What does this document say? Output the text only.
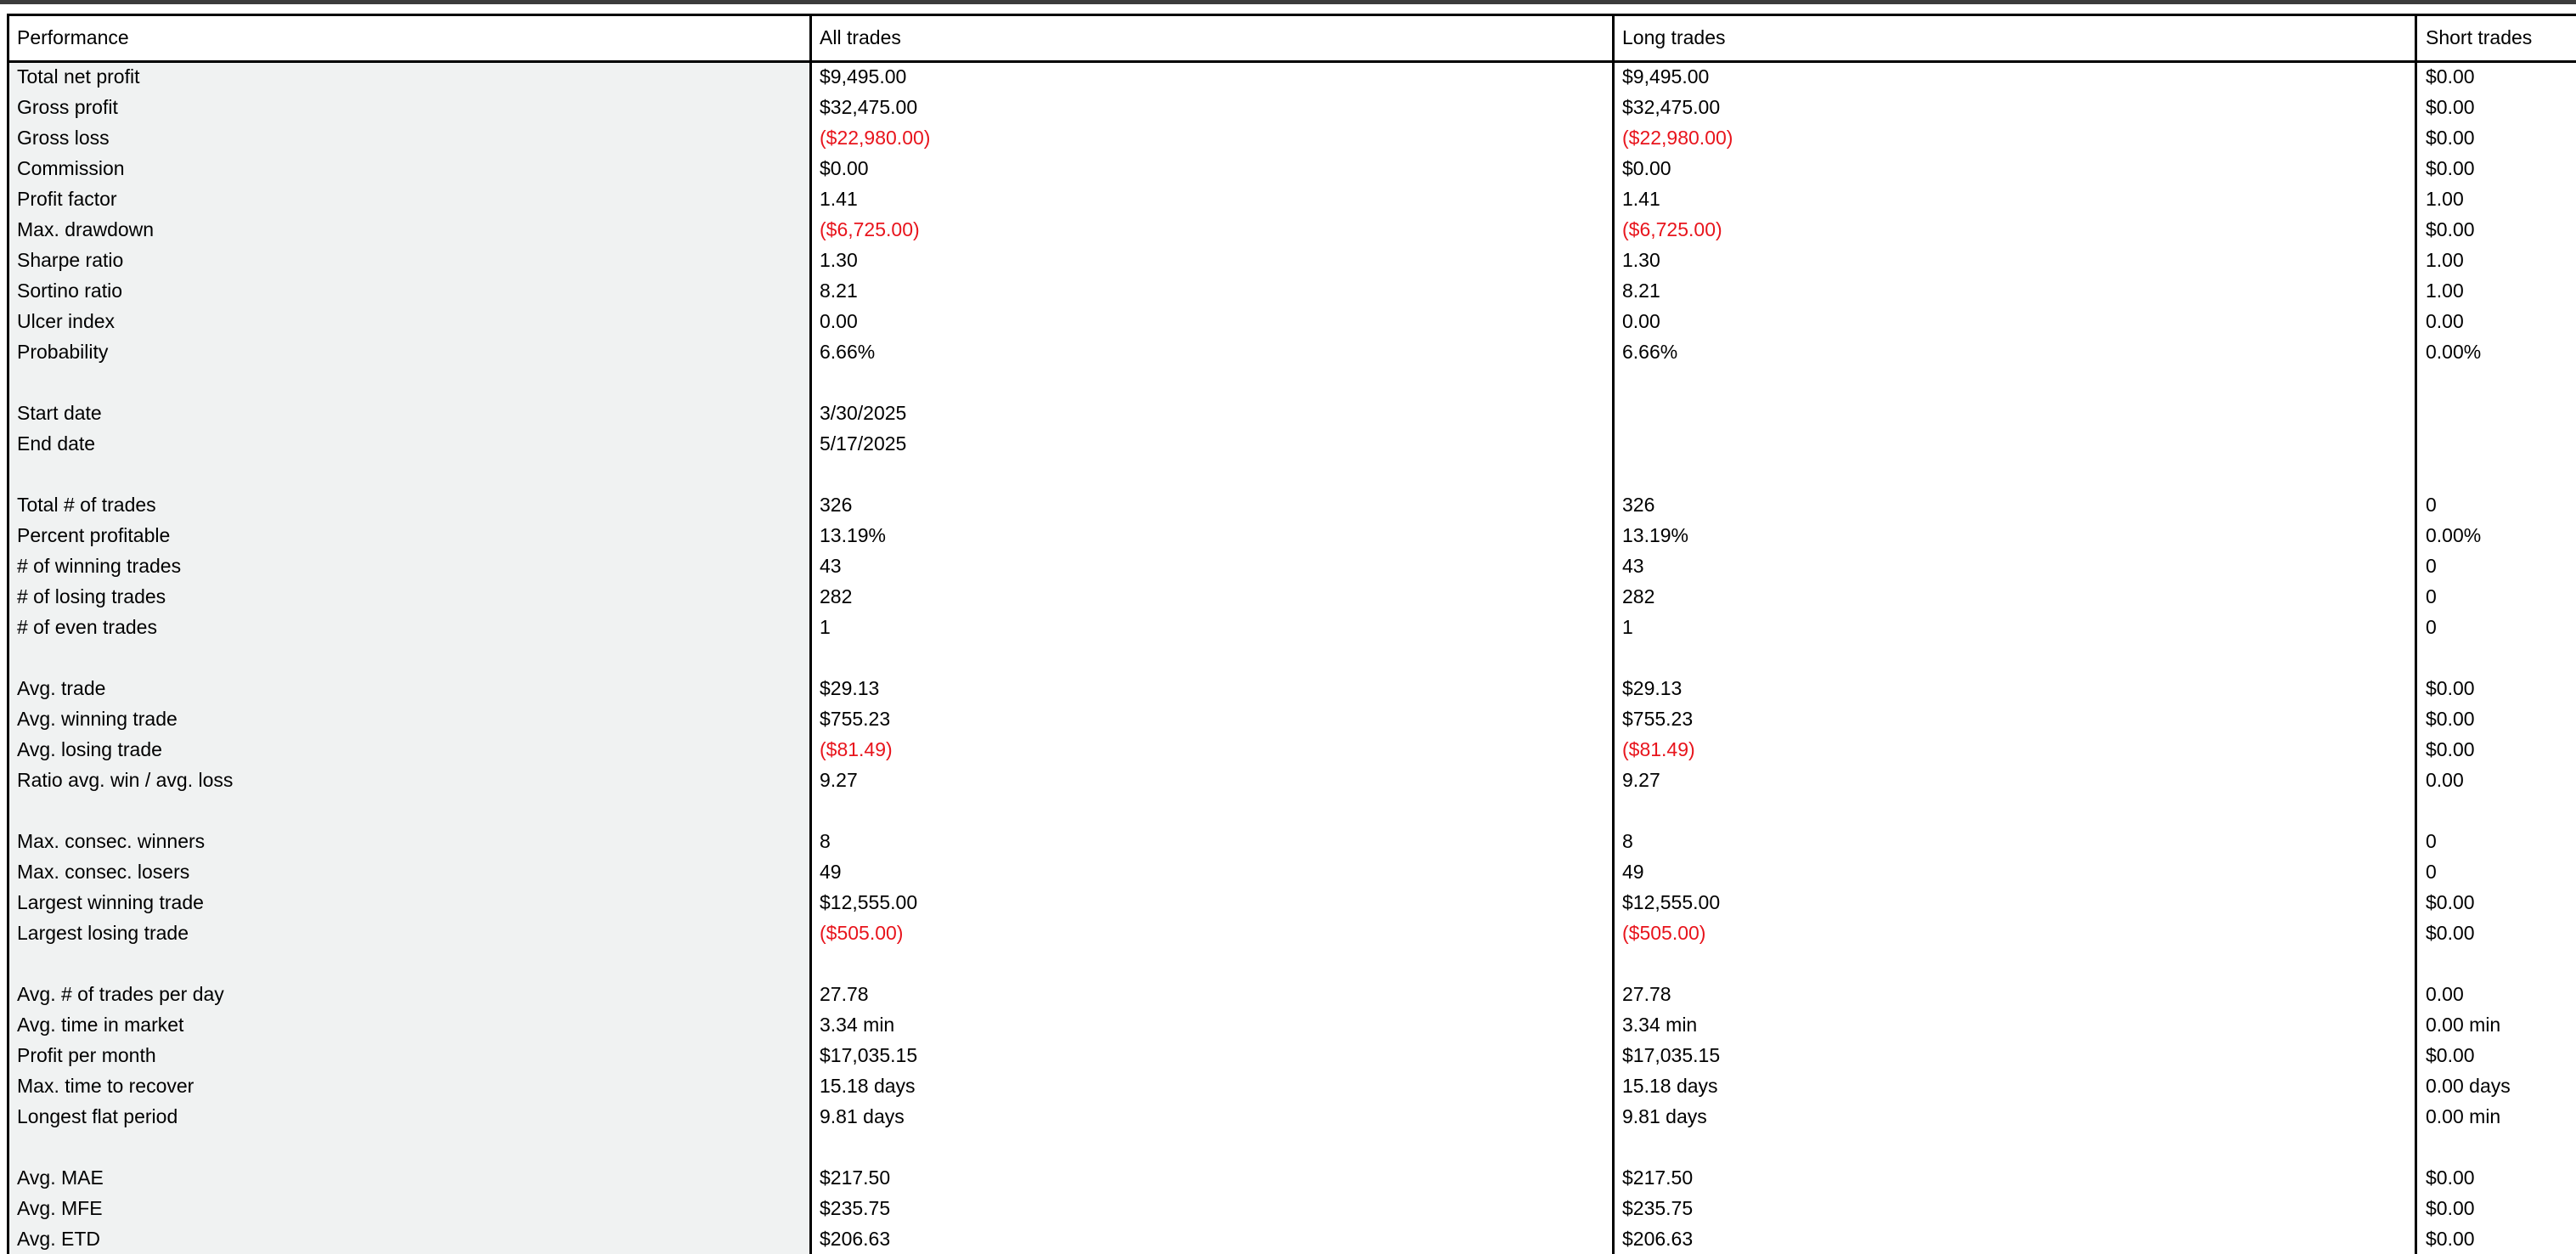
Performance	All trades	Long trades	Short trades
Total net profit	$9,495.00	$9,495.00	$0.00
Gross profit	$32,475.00	$32,475.00	$0.00
Gross loss	($22,980.00)	($22,980.00)	$0.00
Commission	$0.00	$0.00	$0.00
Profit factor	1.41	1.41	1.00
Max. drawdown	($6,725.00)	($6,725.00)	$0.00
Sharpe ratio	1.30	1.30	1.00
Sortino ratio	8.21	8.21	1.00
Ulcer index	0.00	0.00	0.00
Probability	6.66%	6.66%	0.00%
Start date	3/30/2025
End date	5/17/2025
Total # of trades	326	326	0
Percent profitable	13.19%	13.19%	0.00%
# of winning trades	43	43	0
# of losing trades	282	282	0
# of even trades	1	1	0
Avg. trade	$29.13	$29.13	$0.00
Avg. winning trade	$755.23	$755.23	$0.00
Avg. losing trade	($81.49)	($81.49)	$0.00
Ratio avg. win / avg. loss	9.27	9.27	0.00
Max. consec. winners	8	8	0
Max. consec. losers	49	49	0
Largest winning trade	$12,555.00	$12,555.00	$0.00
Largest losing trade	($505.00)	($505.00)	$0.00
Avg. # of trades per day	27.78	27.78	0.00
Avg. time in market	3.34 min	3.34 min	0.00 min
Profit per month	$17,035.15	$17,035.15	$0.00
Max. time to recover	15.18 days	15.18 days	0.00 days
Longest flat period	9.81 days	9.81 days	0.00 min
Avg. MAE	$217.50	$217.50	$0.00
Avg. MFE	$235.75	$235.75	$0.00
Avg. ETD	$206.63	$206.63	$0.00
